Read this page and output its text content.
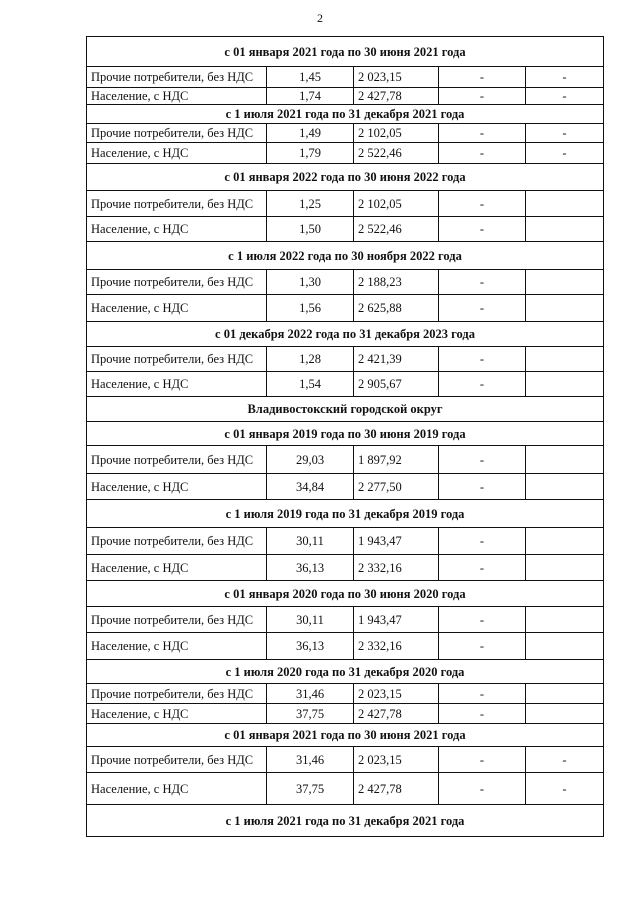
2
с 01 января 2021 года по 30 июня 2021 года				
Прочие потребители, без НДС	1,45	2 023,15	-	-
Население, с НДС	1,74	2 427,78	-	-
с 1 июля 2021 года по 31 декабря 2021 года				
Прочие потребители, без НДС	1,49	2 102,05	-	-
Население, с НДС	1,79	2 522,46	-	-
с 01 января 2022 года по 30 июня 2022 года				
Прочие потребители, без НДС	1,25	2 102,05	-	
Население, с НДС	1,50	2 522,46	-	
с 1 июля 2022 года по 30 ноября 2022 года				
Прочие потребители, без НДС	1,30	2 188,23	-	
Население, с НДС	1,56	2 625,88	-	
с 01 декабря 2022 года по 31 декабря 2023 года				
Прочие потребители, без НДС	1,28	2 421,39	-	
Население, с НДС	1,54	2 905,67	-	
Владивостокский городской округ				
с 01 января 2019 года по 30 июня 2019 года				
Прочие потребители, без НДС	29,03	1 897,92	-	
Население, с НДС	34,84	2 277,50	-	
с 1 июля 2019 года по 31 декабря 2019 года				
Прочие потребители, без НДС	30,11	1 943,47	-	
Население, с НДС	36,13	2 332,16	-	
с 01 января 2020 года по 30 июня 2020 года				
Прочие потребители, без НДС	30,11	1 943,47	-	
Население, с НДС	36,13	2 332,16	-	
с 1 июля 2020 года по 31 декабря 2020 года				
Прочие потребители, без НДС	31,46	2 023,15	-	
Население, с НДС	37,75	2 427,78	-	
с 01 января 2021 года по 30 июня 2021 года				
Прочие потребители, без НДС	31,46	2 023,15	-	-
Население, с НДС	37,75	2 427,78	-	-
с 1 июля 2021 года по 31 декабря 2021 года				
